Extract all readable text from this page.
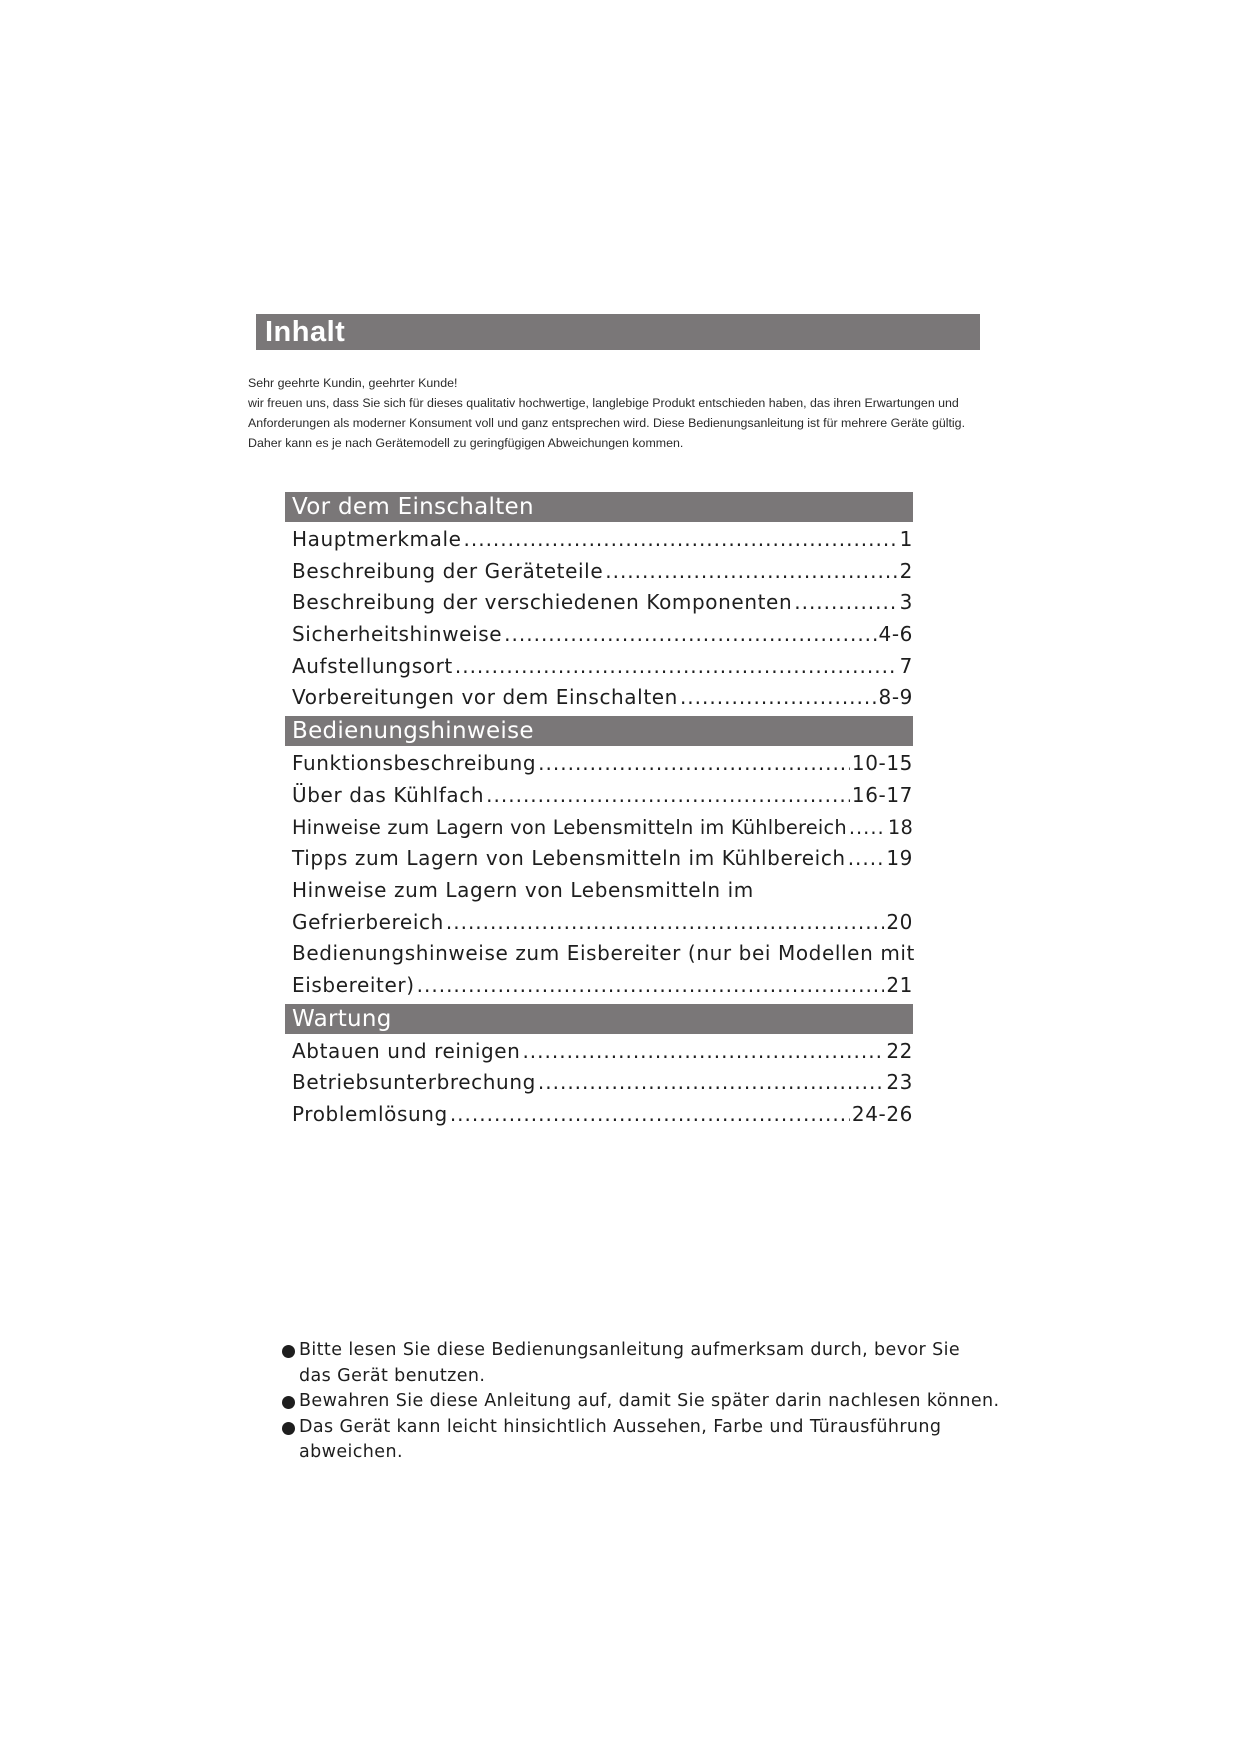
Inhalt
Sehr geehrte Kundin, geehrter Kunde!
wir freuen uns, dass Sie sich für dieses qualitativ hochwertige, langlebige Produkt entschieden haben, das ihren Erwartungen und
Anforderungen als moderner Konsument voll und ganz entsprechen wird. Diese Bedienungsanleitung ist für mehrere Geräte gültig.
Daher kann es je nach Gerätemodell zu geringfügigen Abweichungen kommen.
Vor dem Einschalten
Hauptmerkmale .....	1
Beschreibung der Geräteteile .....	2
Beschreibung der verschiedenen Komponenten .....	3
Sicherheitshinweise .....	4-6
Aufstellungsort .....	7
Vorbereitungen vor dem Einschalten .....	8-9
Bedienungshinweise
Funktionsbeschreibung .....	10-15
Über das Kühlfach .....	16-17
Hinweise zum Lagern von Lebensmitteln im Kühlbereich ..... 18
Tipps zum Lagern von Lebensmitteln im Kühlbereich ..... 19
Hinweise zum Lagern von Lebensmitteln im
Gefrierbereich .....	20
Bedienungshinweise zum Eisbereiter (nur bei Modellen mit
Eisbereiter) .....	21
Wartung
Abtauen und reinigen .....	22
Betriebsunterbrechung .....	23
Problemlösung .....	24-26
Bitte lesen Sie diese Bedienungsanleitung aufmerksam durch, bevor Sie
das Gerät benutzen.
Bewahren Sie diese Anleitung auf, damit Sie später darin nachlesen können.
Das Gerät kann leicht hinsichtlich Aussehen, Farbe und Türausführung
abweichen.
